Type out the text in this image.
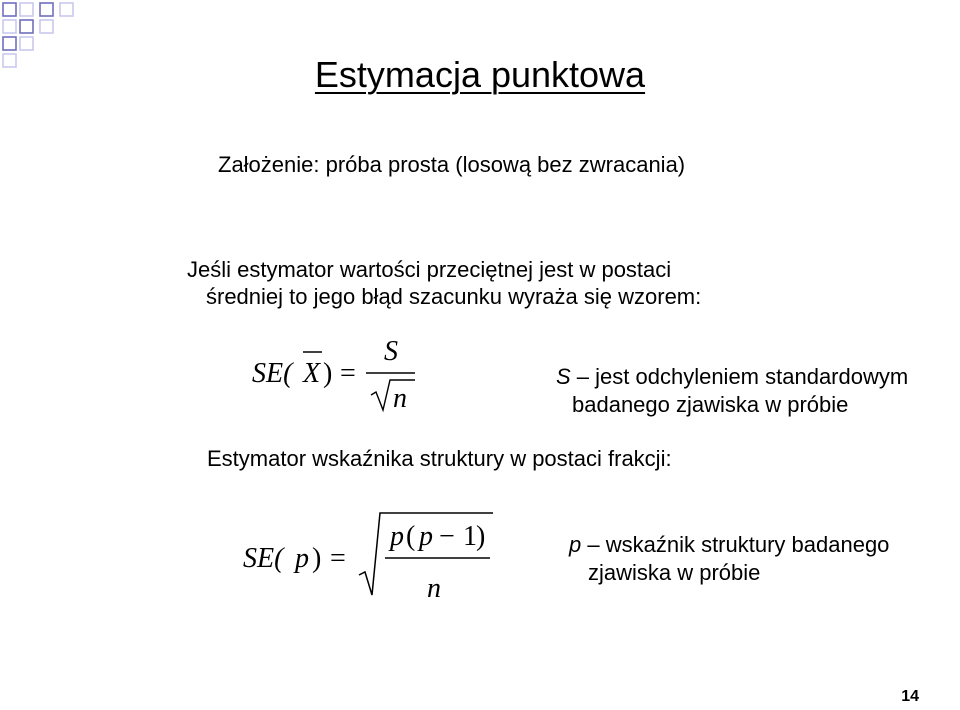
Estymacja punktowa
Założenie: próba prosta (losową bez zwracania)
Jeśli estymator wartości przeciętnej jest w postaci
średniej to jego błąd szacunku wyraża się wzorem:
SE( X ) =
S
n
S – jest odchyleniem standardowym
badanego zjawiska w próbie
Estymator wskaźnika struktury w postaci frakcji:
SE( p ) =
p ( p − 1 )
n
p – wskaźnik struktury badanego
zjawiska w próbie
14
